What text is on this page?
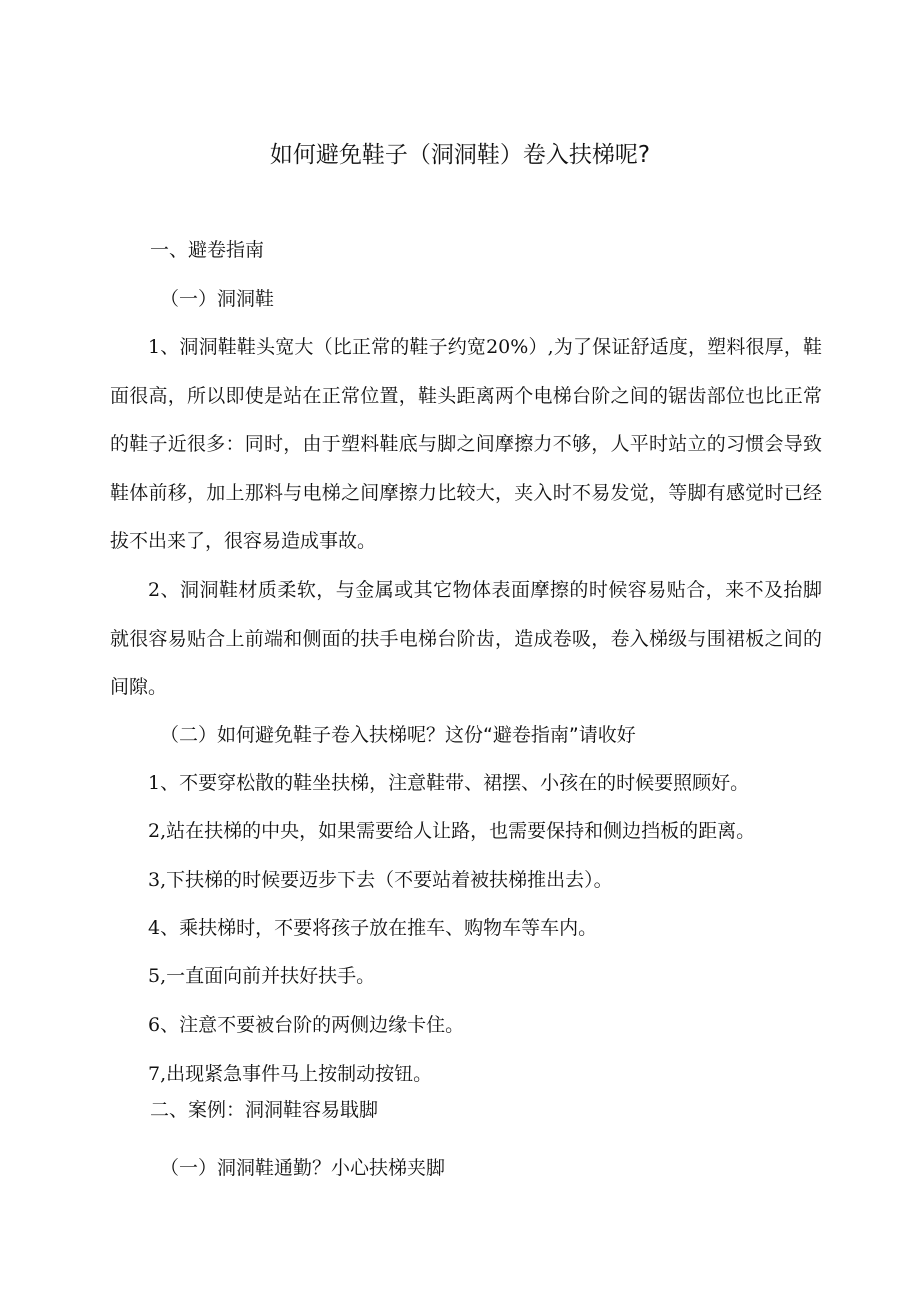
如何避免鞋子（洞洞鞋）卷入扶梯呢?
一、避卷指南
（一）洞洞鞋

1、洞洞鞋鞋头宽大（比正常的鞋子约宽20%）,为了保证舒适度，塑料很厚，鞋面很高，所以即使是站在正常位置，鞋头距离两个电梯台阶之间的锯齿部位也比正常的鞋子近很多：同时，由于塑料鞋底与脚之间摩擦力不够，人平时站立的习惯会导致鞋体前移，加上那料与电梯之间摩擦力比较大，夹入时不易发觉，等脚有感觉时已经拔不出来了，很容易造成事故。

2、洞洞鞋材质柔软，与金属或其它物体表面摩擦的时候容易贴合，来不及抬脚就很容易贴合上前端和侧面的扶手电梯台阶齿，造成卷吸，卷入梯级与围裙板之间的间隙。

（二）如何避免鞋子卷入扶梯呢？这份“避卷指南”请收好
1、不要穿松散的鞋坐扶梯，注意鞋带、裙摆、小孩在的时候要照顾好。
2,站在扶梯的中央，如果需要给人让路，也需要保持和侧边挡板的距离。
3,下扶梯的时候要迈步下去（不要站着被扶梯推出去）。
4、乘扶梯时，不要将孩子放在推车、购物车等车内。
5,一直面向前并扶好扶手。
6、注意不要被台阶的两侧边缘卡住。
7,出现紧急事件马上按制动按钮。
二、案例：洞洞鞋容易戢脚
（一）洞洞鞋通勤？小心扶梯夹脚
